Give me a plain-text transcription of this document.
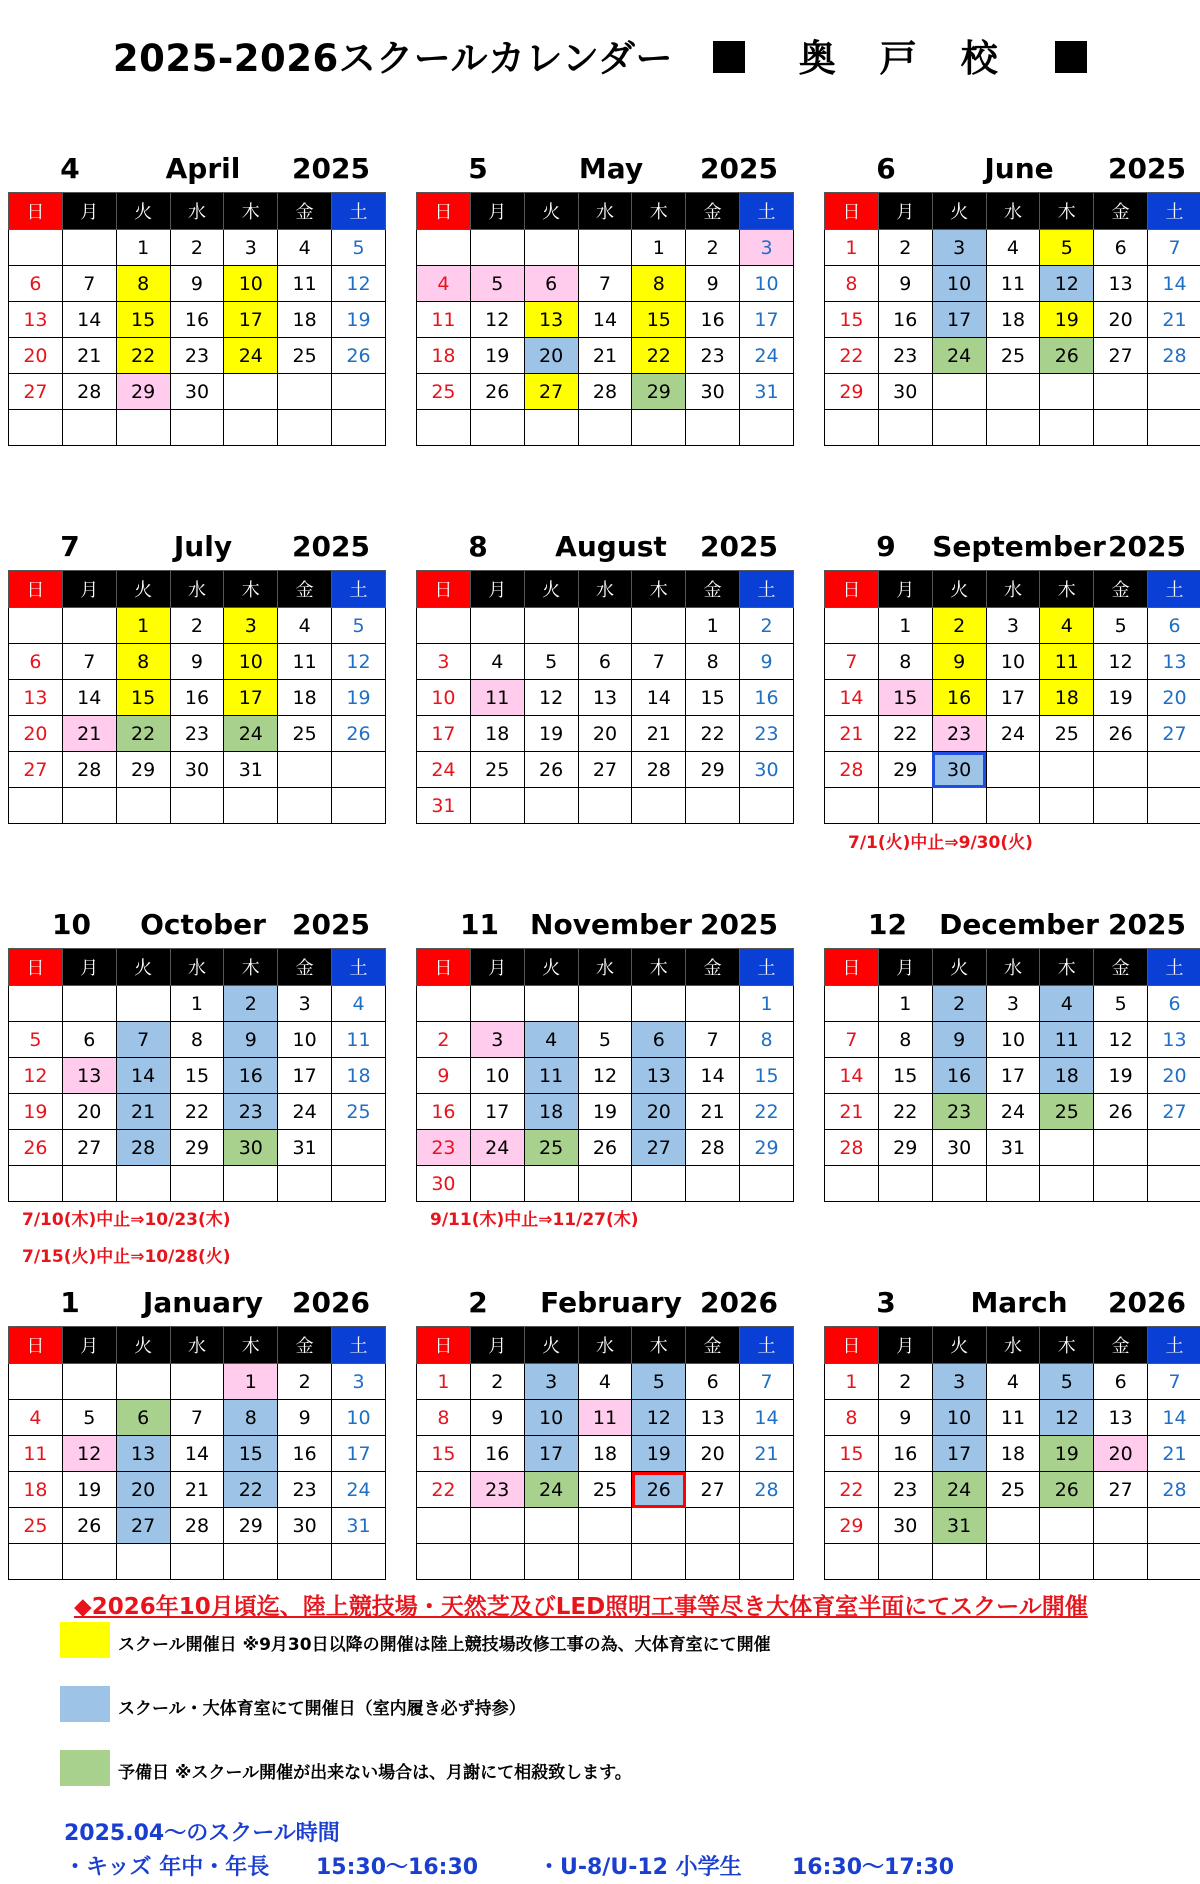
2025-2026スクールカレンダー	奥戸校
4	April	2025
日	月	火	水	木	金	土
		1	2	3	4	5
6	7	8	9	10	11	12
13	14	15	16	17	18	19
20	21	22	23	24	25	26
27	28	29	30			

5	May	2025
日	月	火	水	木	金	土
				1	2	3
4	5	6	7	8	9	10
11	12	13	14	15	16	17
18	19	20	21	22	23	24
25	26	27	28	29	30	31

6	June	2025
日	月	火	水	木	金	土
1	2	3	4	5	6	7
8	9	10	11	12	13	14
15	16	17	18	19	20	21
22	23	24	25	26	27	28
29	30					

7	July	2025
日	月	火	水	木	金	土
		1	2	3	4	5
6	7	8	9	10	11	12
13	14	15	16	17	18	19
20	21	22	23	24	25	26
27	28	29	30	31		

8	August	2025
日	月	火	水	木	金	土
					1	2
3	4	5	6	7	8	9
10	11	12	13	14	15	16
17	18	19	20	21	22	23
24	25	26	27	28	29	30
31						
9 September 2025
日	月	火	水	木	金	土
	1	2	3	4	5	6
7	8	9	10	11	12	13
14	15	16	17	18	19	20
21	22	23	24	25	26	27
28	29	30				

10	October 2025
日	月	火	水	木	金	土
			1	2	3	4
5	6	7	8	9	10	11
12	13	14	15	16	17	18
19	20	21	22	23	24	25
26	27	28	29	30	31	

11	November 2025
日	月	火	水	木	金	土
						1
2	3	4	5	6	7	8
9	10	11	12	13	14	15
16	17	18	19	20	21	22
23	24	25	26	27	28	29
30						
12	December 2025
日	月	火	水	木	金	土
	1	2	3	4	5	6
7	8	9	10	11	12	13
14	15	16	17	18	19	20
21	22	23	24	25	26	27
28	29	30	31			

1	January	2026
日	月	火	水	木	金	土
				1	2	3
4	5	6	7	8	9	10
11	12	13	14	15	16	17
18	19	20	21	22	23	24
25	26	27	28	29	30	31

2	February 2026
日	月	火	水	木	金	土
1	2	3	4	5	6	7
8	9	10	11	12	13	14
15	16	17	18	19	20	21
22	23	24	25	26	27	28

3	March	2026
日	月	火	水	木	金	土
1	2	3	4	5	6	7
8	9	10	11	12	13	14
15	16	17	18	19	20	21
22	23	24	25	26	27	28
29	30	31				

7/1(火)中止⇒9/30(火)
7/10(木)中止⇒10/23(木)
7/15(火)中止⇒10/28(火)
9/11(木)中止⇒11/27(木)
◆2026年10月頃迄、陸上競技場・天然芝及びLED照明工事等尽き大体育室半面にてスクール開催
スクール開催日 ※9月30日以降の開催は陸上競技場改修工事の為、大体育室にて開催
スクール・大体育室にて開催日（室内履き必ず持参）
予備日 ※スクール開催が出来ない場合は、月謝にて相殺致します。
2025.04～のスクール時間
・キッズ 年中・年長 15:30～16:30	・U-8/U-12 小学生 16:30～17:30
